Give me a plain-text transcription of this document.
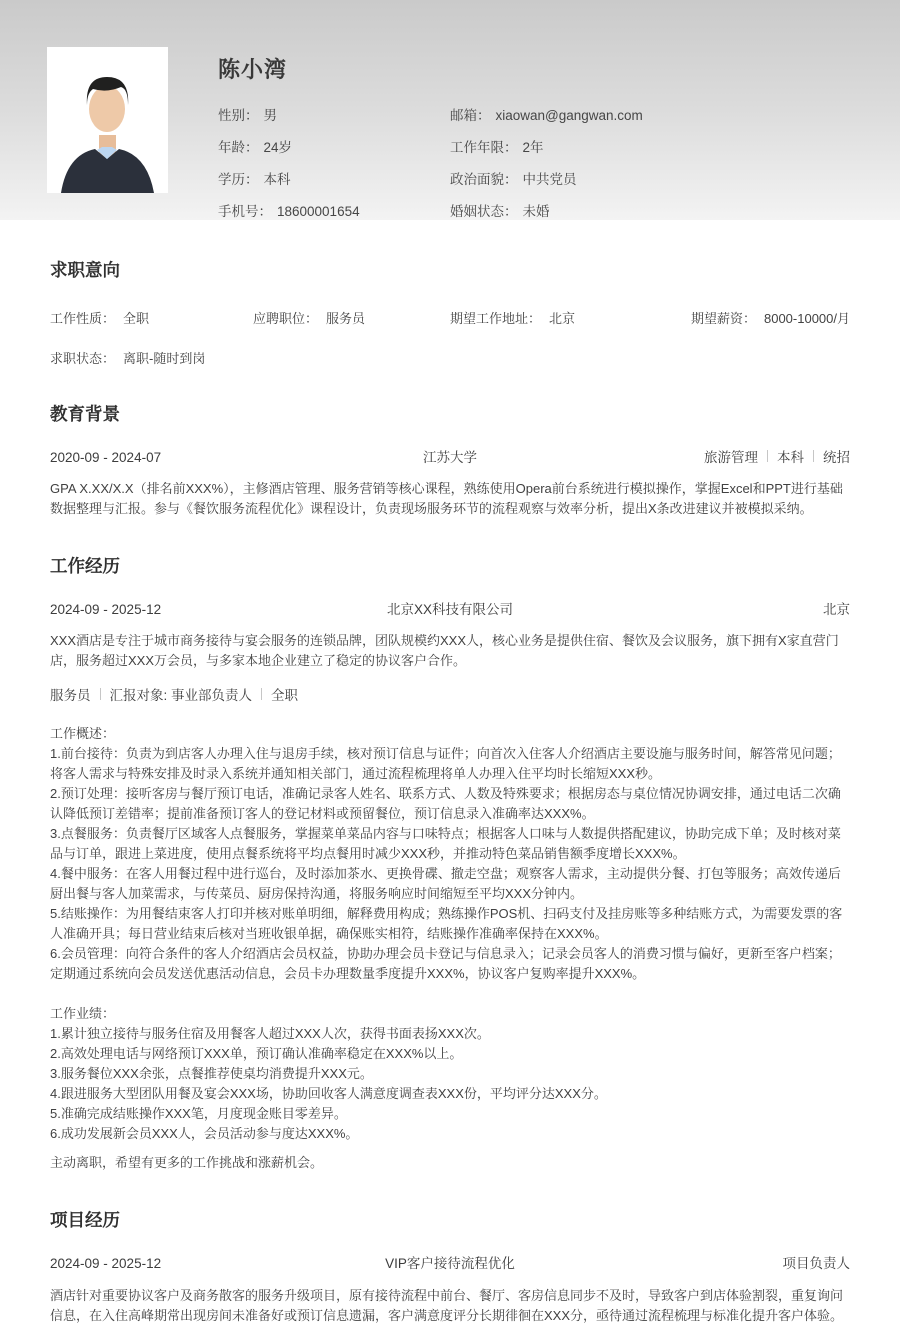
陈小湾
性别： 男	邮箱： xiaowan@gangwan.com
年龄： 24岁	工作年限： 2年
学历： 本科	政治面貌： 中共党员
手机号： 18600001654	婚姻状态： 未婚
求职意向
工作性质： 全职	应聘职位： 服务员	期望工作地址： 北京	期望薪资： 8000-10000/月
求职状态： 离职-随时到岗
教育背景
2020-09 - 2024-07	江苏大学	旅游管理 本科 统招
GPA X.XX/X.X（排名前XXX%），主修酒店管理、服务营销等核心课程，熟练使用Opera前台系统进行模拟操作，掌握Excel和PPT进行基础数据整理与汇报。参与《餐饮服务流程优化》课程设计，负责现场服务环节的流程观察与效率分析，提出X条改进建议并被模拟采纳。
工作经历
2024-09 - 2025-12	北京XX科技有限公司	北京
XXX酒店是专注于城市商务接待与宴会服务的连锁品牌，团队规模约XXX人，核心业务是提供住宿、餐饮及会议服务，旗下拥有X家直营门店，服务超过XXX万会员，与多家本地企业建立了稳定的协议客户合作。
服务员 汇报对象: 事业部负责人 全职
工作概述：
1.前台接待：负责为到店客人办理入住与退房手续，核对预订信息与证件；向首次入住客人介绍酒店主要设施与服务时间，解答常见问题；将客人需求与特殊安排及时录入系统并通知相关部门，通过流程梳理将单人办理入住平均时长缩短XXX秒。
2.预订处理：接听客房与餐厅预订电话，准确记录客人姓名、联系方式、人数及特殊要求；根据房态与桌位情况协调安排，通过电话二次确认降低预订差错率；提前准备预订客人的登记材料或预留餐位，预订信息录入准确率达XXX%。
3.点餐服务：负责餐厅区域客人点餐服务，掌握菜单菜品内容与口味特点；根据客人口味与人数提供搭配建议，协助完成下单；及时核对菜品与订单，跟进上菜进度，使用点餐系统将平均点餐用时减少XXX秒，并推动特色菜品销售额季度增长XXX%。
4.餐中服务：在客人用餐过程中进行巡台，及时添加茶水、更换骨碟、撤走空盘；观察客人需求，主动提供分餐、打包等服务；高效传递后厨出餐与客人加菜需求，与传菜员、厨房保持沟通，将服务响应时间缩短至平均XXX分钟内。
5.结账操作：为用餐结束客人打印并核对账单明细，解释费用构成；熟练操作POS机、扫码支付及挂房账等多种结账方式，为需要发票的客人准确开具；每日营业结束后核对当班收银单据，确保账实相符，结账操作准确率保持在XXX%。
6.会员管理：向符合条件的客人介绍酒店会员权益，协助办理会员卡登记与信息录入；记录会员客人的消费习惯与偏好，更新至客户档案；定期通过系统向会员发送优惠活动信息，会员卡办理数量季度提升XXX%，协议客户复购率提升XXX%。
工作业绩：
1.累计独立接待与服务住宿及用餐客人超过XXX人次，获得书面表扬XXX次。
2.高效处理电话与网络预订XXX单，预订确认准确率稳定在XXX%以上。
3.服务餐位XXX余张，点餐推荐使桌均消费提升XXX元。
4.跟进服务大型团队用餐及宴会XXX场，协助回收客人满意度调查表XXX份，平均评分达XXX分。
5.准确完成结账操作XXX笔，月度现金账目零差异。
6.成功发展新会员XXX人，会员活动参与度达XXX%。
主动离职，希望有更多的工作挑战和涨薪机会。
项目经历
2024-09 - 2025-12	VIP客户接待流程优化	项目负责人
酒店针对重要协议客户及商务散客的服务升级项目，原有接待流程中前台、餐厅、客房信息同步不及时，导致客户到店体验割裂，重复询问信息，在入住高峰期常出现房间未准备好或预订信息遗漏，客户满意度评分长期徘徊在XXX分，亟待通过流程梳理与标准化提升客户体验。
